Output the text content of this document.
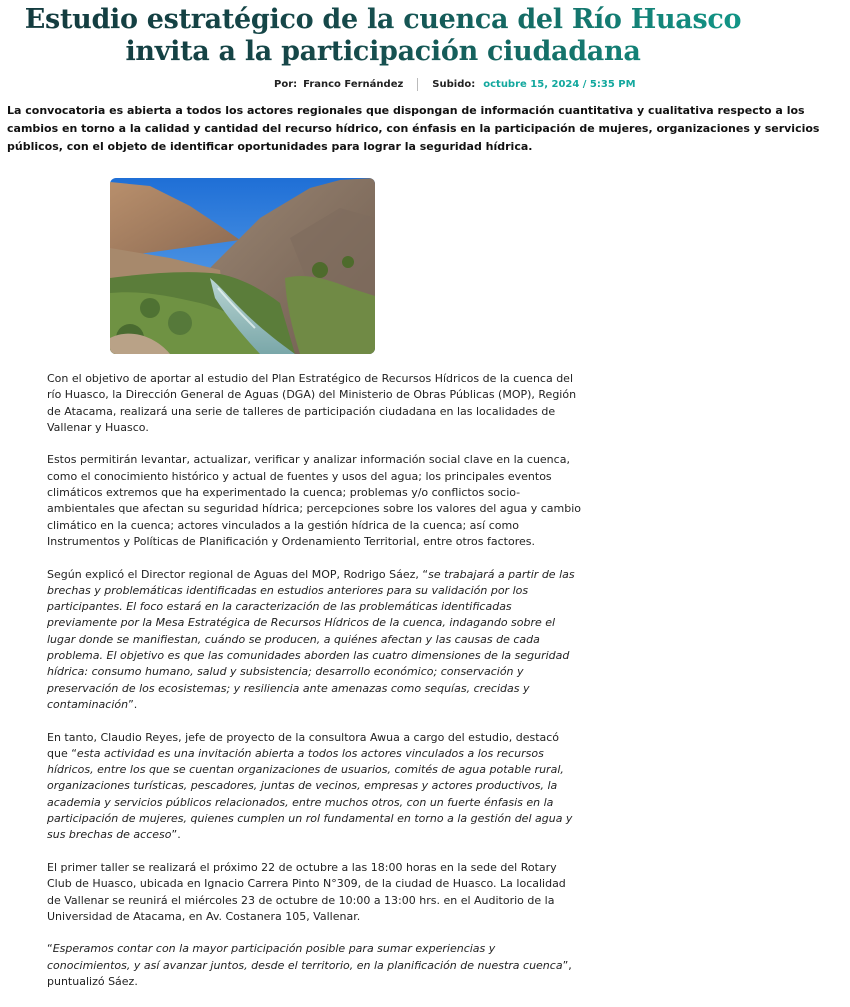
Estudio estratégico de la cuenca del Río Huasco invita a la participación ciudadana
Por: Franco Fernández	Subido: octubre 15, 2024 / 5:35 PM

La convocatoria es abierta a todos los actores regionales que dispongan de información cuantitativa y cualitativa respecto a los cambios en torno a la calidad y cantidad del recurso hídrico, con énfasis en la participación de mujeres, organizaciones y servicios públicos, con el objeto de identificar oportunidades para lograr la seguridad hídrica.

Con el objetivo de aportar al estudio del Plan Estratégico de Recursos Hídricos de la cuenca del río Huasco, la Dirección General de Aguas (DGA) del Ministerio de Obras Públicas (MOP), Región de Atacama, realizará una serie de talleres de participación ciudadana en las localidades de Vallenar y Huasco.

Estos permitirán levantar, actualizar, verificar y analizar información social clave en la cuenca, como el conocimiento histórico y actual de fuentes y usos del agua; los principales eventos climáticos extremos que ha experimentado la cuenca; problemas y/o conflictos socio-ambientales que afectan su seguridad hídrica; percepciones sobre los valores del agua y cambio climático en la cuenca; actores vinculados a la gestión hídrica de la cuenca; así como Instrumentos y Políticas de Planificación y Ordenamiento Territorial, entre otros factores.

Según explicó el Director regional de Aguas del MOP, Rodrigo Sáez, “se trabajará a partir de las brechas y problemáticas identificadas en estudios anteriores para su validación por los participantes. El foco estará en la caracterización de las problemáticas identificadas previamente por la Mesa Estratégica de Recursos Hídricos de la cuenca, indagando sobre el lugar donde se manifiestan, cuándo se producen, a quiénes afectan y las causas de cada problema. El objetivo es que las comunidades aborden las cuatro dimensiones de la seguridad hídrica: consumo humano, salud y subsistencia; desarrollo económico; conservación y preservación de los ecosistemas; y resiliencia ante amenazas como sequías, crecidas y contaminación”.

En tanto, Claudio Reyes, jefe de proyecto de la consultora Awua a cargo del estudio, destacó que “esta actividad es una invitación abierta a todos los actores vinculados a los recursos hídricos, entre los que se cuentan organizaciones de usuarios, comités de agua potable rural, organizaciones turísticas, pescadores, juntas de vecinos, empresas y actores productivos, la academia y servicios públicos relacionados, entre muchos otros, con un fuerte énfasis en la participación de mujeres, quienes cumplen un rol fundamental en torno a la gestión del agua y sus brechas de acceso”.

El primer taller se realizará el próximo 22 de octubre a las 18:00 horas en la sede del Rotary Club de Huasco, ubicada en Ignacio Carrera Pinto N°309, de la ciudad de Huasco. La localidad de Vallenar se reunirá el miércoles 23 de octubre de 10:00 a 13:00 hrs. en el Auditorio de la Universidad de Atacama, en Av. Costanera 105, Vallenar.

“Esperamos contar con la mayor participación posible para sumar experiencias y conocimientos, y así avanzar juntos, desde el territorio, en la planificación de nuestra cuenca”, puntualizó Sáez.
